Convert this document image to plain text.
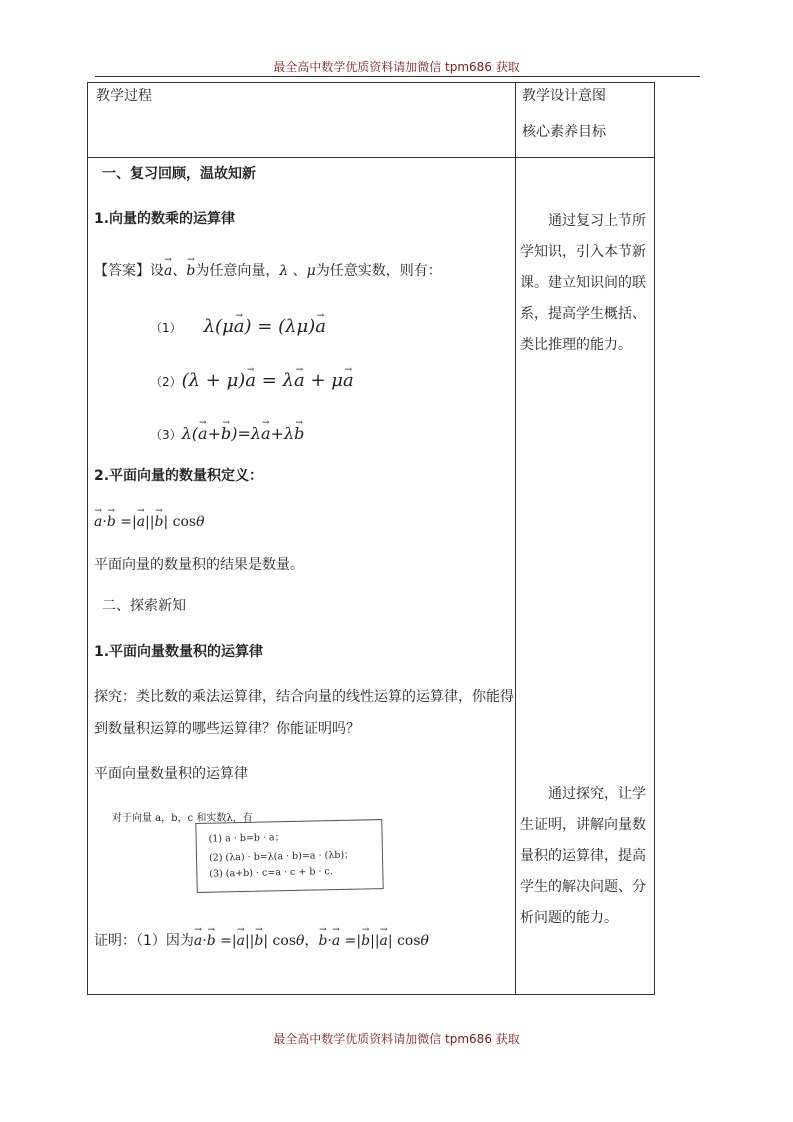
最全高中数学优质资料请加微信 tpm686 获取
教学过程	教学设计意图
核心素养目标
一、复习回顾，温故知新
1.向量的数乘的运算律
【答案】设→ a、→ b为任意向量，λ 、μ为任意实数，则有：
（1） λ(μ→ a) = (λμ)→ a
（2）(λ + μ)→ a = λ→ a + μ→ a
（3）λ(→ a+→ b)=λ→ a+λ→ b
2.平面向量的数量积定义：
→ a·→ b =|→ a||→ b| cosθ
平面向量的数量积的结果是数量。
二、探索新知
1.平面向量数量积的运算律
探究：类比数的乘法运算律，结合向量的线性运算的运算律，你能得
到数量积运算的哪些运算律？你能证明吗？
平面向量数量积的运算律
对于向量 a，b，c 和实数λ，有
(1) a · b=b · a；
(2) (λa) · b=λ(a · b)=a · (λb)；
(3) (a+b) · c=a · c + b · c.
证明：（1）因为→ a·→ b =|→ a||→ b| cosθ，→ b·→ a =|→ b||→ a| cosθ
通过复习上节所学知识，引入本节新课。建立知识间的联系，提高学生概括、类比推理的能力。
通过探究，让学生证明，讲解向量数量积的运算律，提高学生的解决问题、分析问题的能力。
最全高中数学优质资料请加微信 tpm686 获取
